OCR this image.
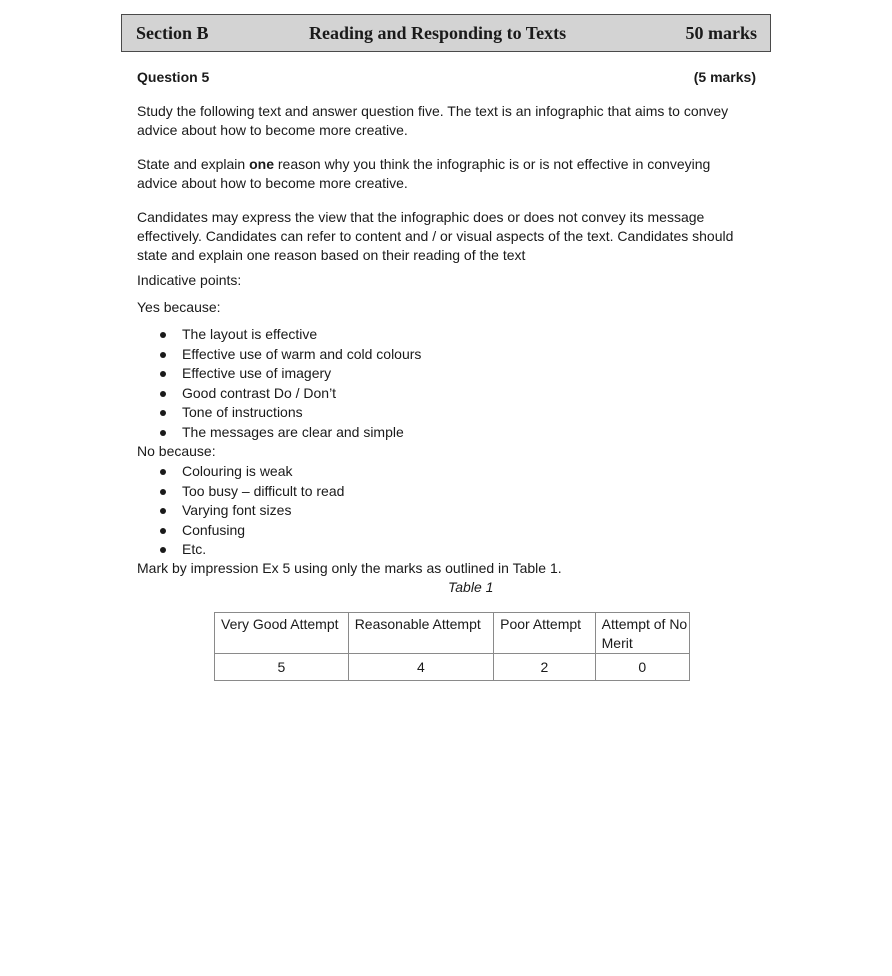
Section B	Reading and Responding to Texts	50 marks
Question 5	(5 marks)
Study the following text and answer question five. The text is an infographic that aims to convey advice about how to become more creative.
State and explain one reason why you think the infographic is or is not effective in conveying advice about how to become more creative.
Candidates may express the view that the infographic does or does not convey its message effectively. Candidates can refer to content and / or visual aspects of the text. Candidates should state and explain one reason based on their reading of the text
Indicative points:
Yes because:
The layout is effective
Effective use of warm and cold colours
Effective use of imagery
Good contrast Do / Don’t
Tone of instructions
The messages are clear and simple
No because:
Colouring is weak
Too busy – difficult to read
Varying font sizes
Confusing
Etc.
Mark by impression Ex 5 using only the marks as outlined in Table 1.
Table 1
Very Good Attempt	Reasonable Attempt	Poor Attempt	Attempt of No Merit
5	4	2	0
